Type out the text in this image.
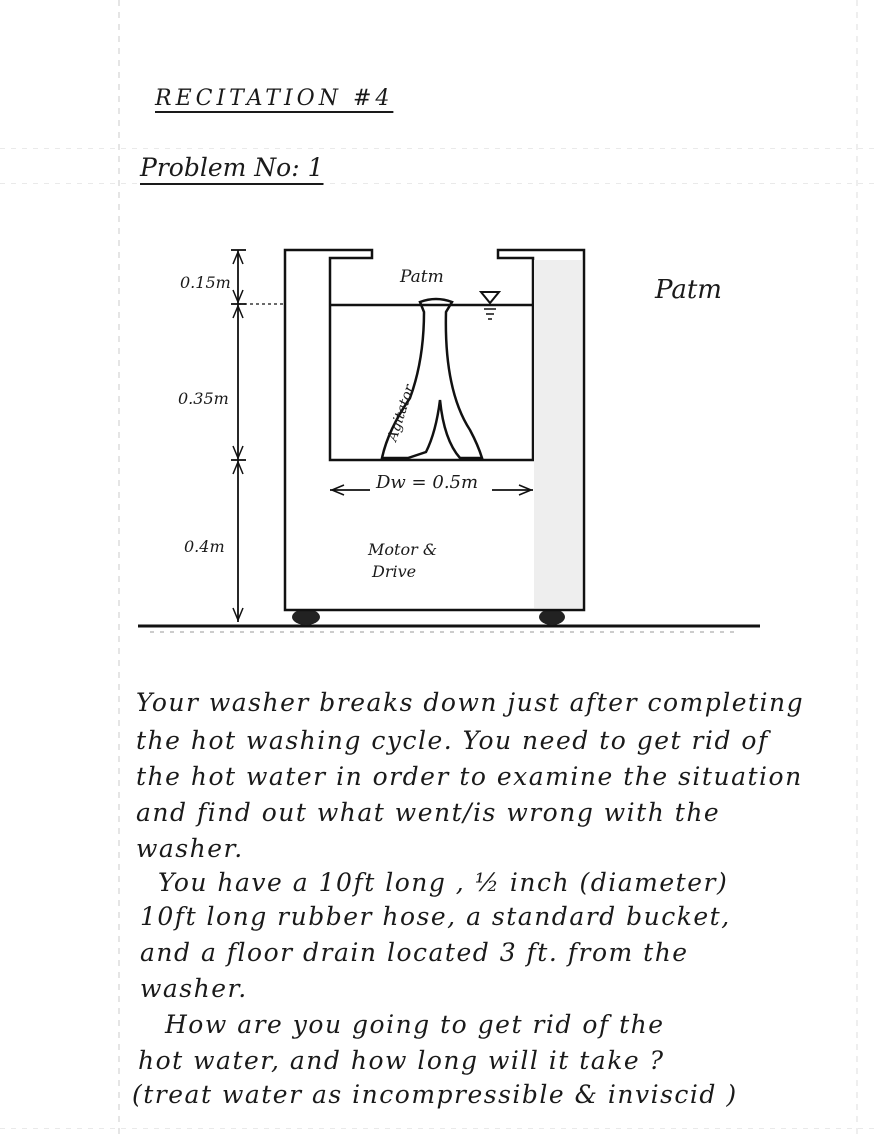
RECITATION #4
Problem No: 1
Agitator
Patm	Patm
0.15m
0.35m
0.4m
Dw = 0.5m
Motor &
Drive
Your washer breaks down just after completing
the hot washing cycle. You need to get rid of
the hot water in order to examine the situation
and find out what went/is wrong with the
washer.
You have a 10ft long , ½ inch (diameter)
10ft long rubber hose, a standard bucket,
and a floor drain located 3 ft. from the
washer.
How are you going to get rid of the
hot water, and how long will it take ?
(treat water as incompressible & inviscid )
